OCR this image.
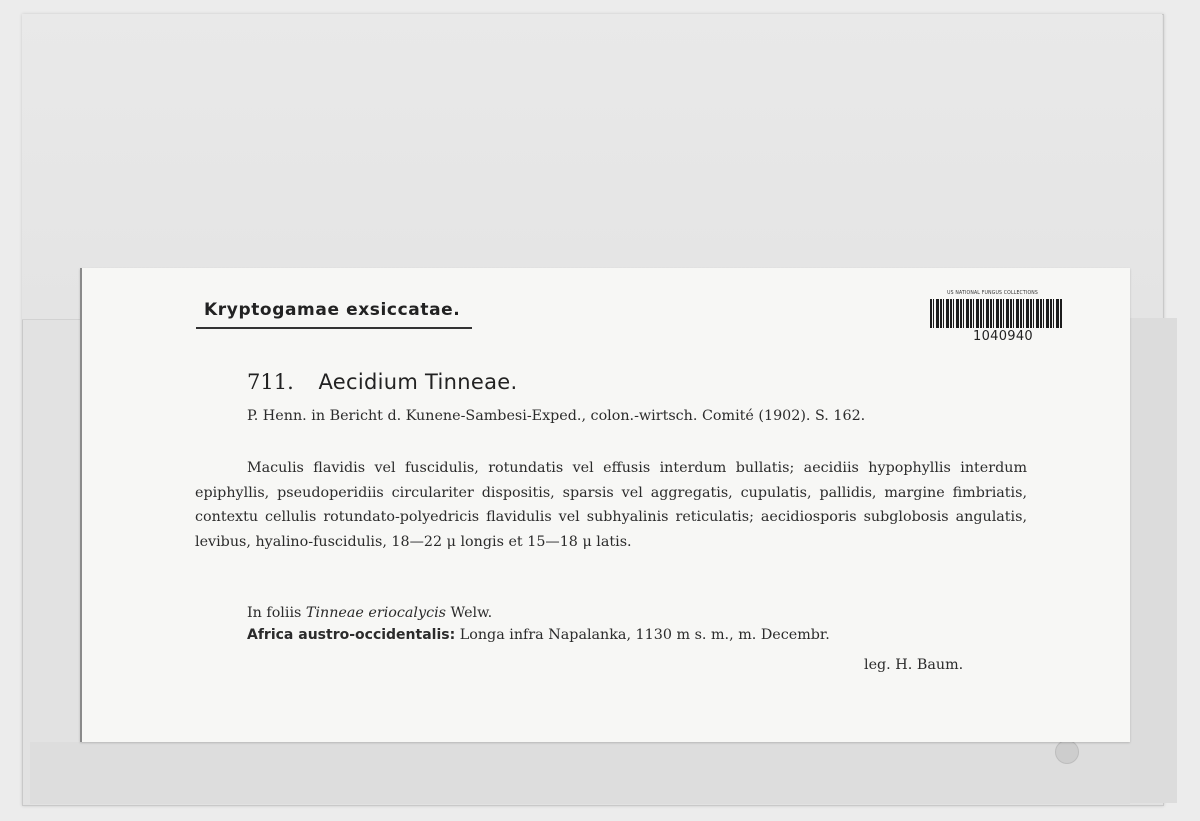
Kryptogamae exsiccatae.
US NATIONAL FUNGUS COLLECTIONS
1040940
711. Aecidium Tinneae.
P. Henn. in Bericht d. Kunene-Sambesi-Exped., colon.-wirtsch. Comité (1902). S. 162.
Maculis flavidis vel fuscidulis, rotundatis vel effusis interdum bullatis; aecidiis hypophyllis interdum epiphyllis, pseudoperidiis circulariter dispositis, sparsis vel aggregatis, cupulatis, pallidis, margine fimbriatis, contextu cellulis rotundato-polyedricis flavidulis vel subhyalinis reticulatis; aecidiosporis subglobosis angulatis, levibus, hyalino-fuscidulis, 18—22 μ longis et 15—18 μ latis.
In foliis Tinneae eriocalycis Welw.
Africa austro-occidentalis: Longa infra Napalanka, 1130 m s. m., m. Decembr.
leg. H. Baum.
